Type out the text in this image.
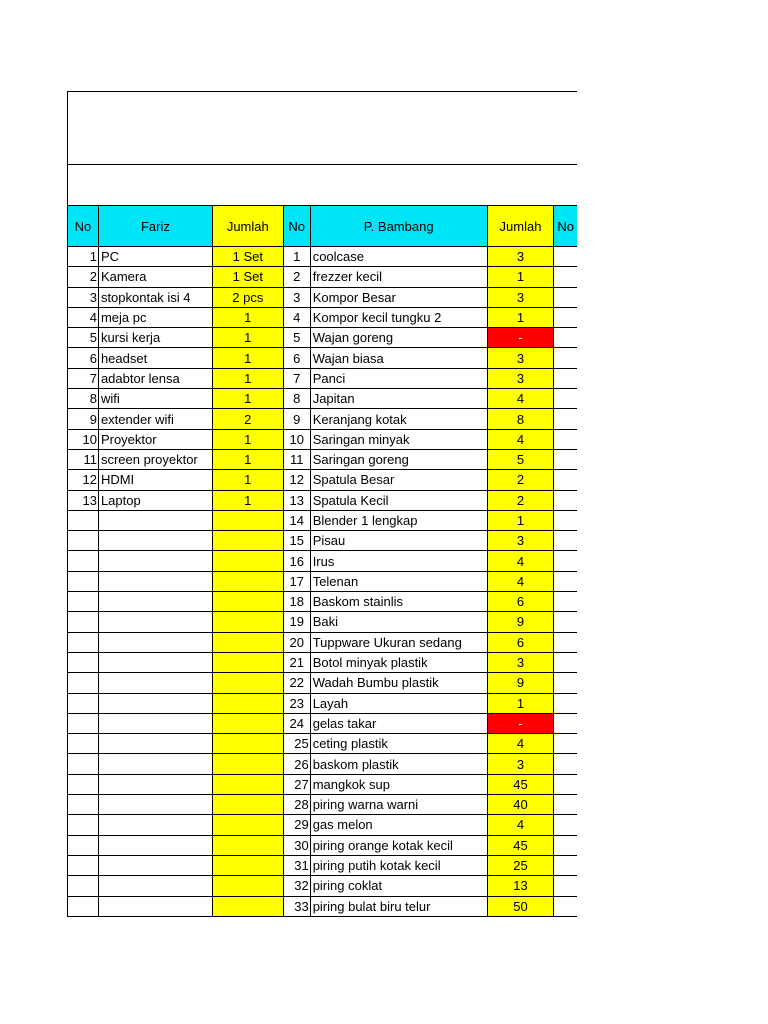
No	Fariz	Jumlah	No	P. Bambang	Jumlah	No
1	PC	1 Set	1	coolcase	3	
2	Kamera	1 Set	2	frezzer kecil	1	
3	stopkontak isi 4	2 pcs	3	Kompor Besar	3	
4	meja pc	1	4	Kompor kecil tungku 2	1	
5	kursi kerja	1	5	Wajan goreng	-	
6	headset	1	6	Wajan biasa	3	
7	adabtor lensa	1	7	Panci	3	
8	wifi	1	8	Japitan	4	
9	extender wifi	2	9	Keranjang kotak	8	
10	Proyektor	1	10	Saringan minyak	4	
11	screen proyektor	1	11	Saringan goreng	5	
12	HDMI	1	12	Spatula Besar	2	
13	Laptop	1	13	Spatula Kecil	2	
			14	Blender 1 lengkap	1	
			15	Pisau	3	
			16	Irus	4	
			17	Telenan	4	
			18	Baskom stainlis	6	
			19	Baki	9	
			20	Tuppware Ukuran sedang	6	
			21	Botol minyak plastik	3	
			22	Wadah Bumbu plastik	9	
			23	Layah	1	
			24	gelas takar	-	
			25	ceting plastik	4	
			26	baskom plastik	3	
			27	mangkok sup	45	
			28	piring warna warni	40	
			29	gas melon	4	
			30	piring orange kotak kecil	45	
			31	piring putih kotak kecil	25	
			32	piring coklat	13	
			33	piring bulat biru telur	50	
